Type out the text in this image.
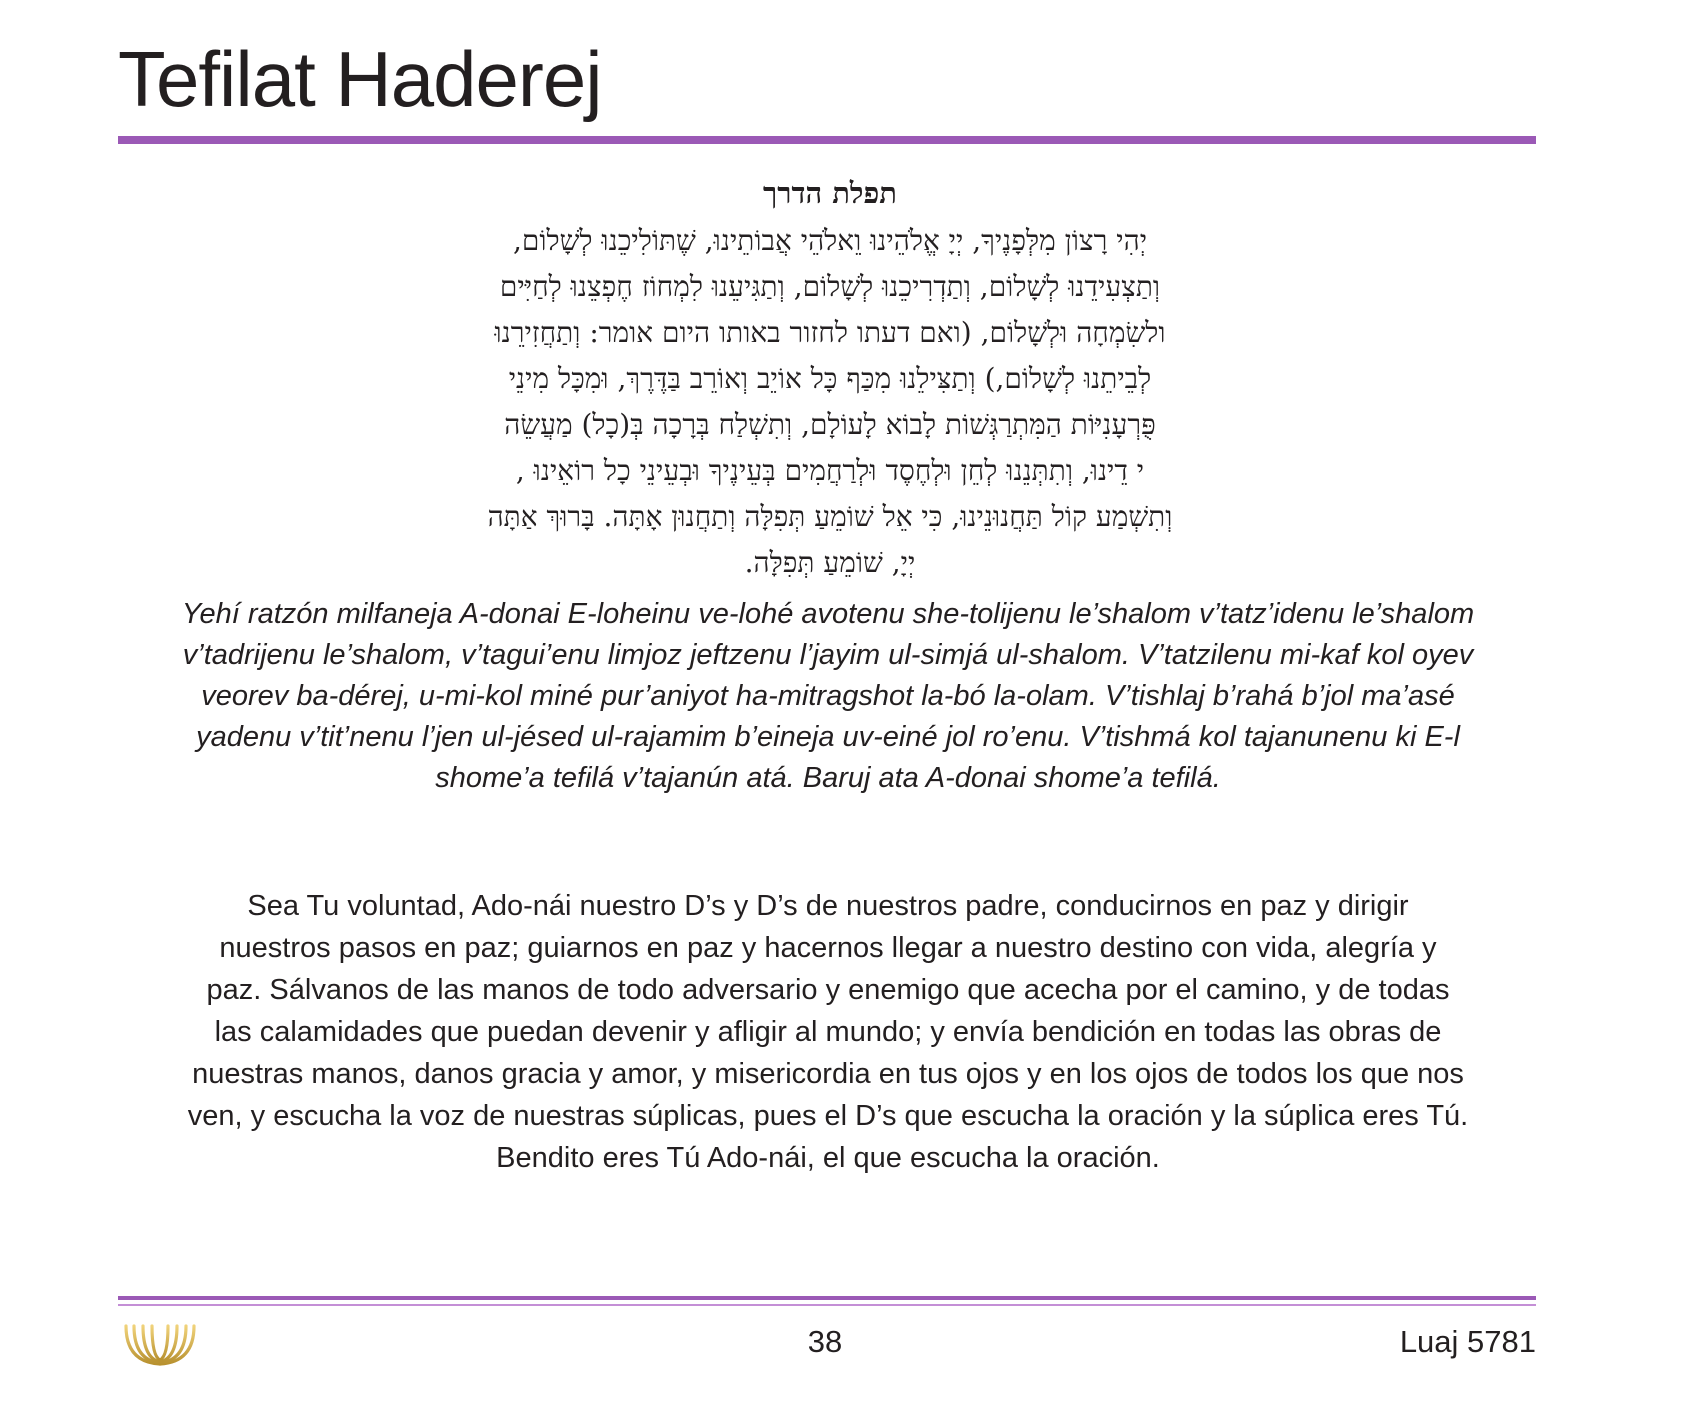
Tefilat Haderej
תפלת הדרך
יְהִי רָצוֹן מִלְּפָנֶיךָ, יְיָ אֱלֹהֵינוּ וֵאלֹהֵי אֲבוֹתֵינוּ, שֶׁתּוֹלִיכֵנוּ לְשָׁלוֹם,
וְתַצְעִידֵנוּ לְשָׁלוֹם, וְתַדְרִיכֵנוּ לְשָׁלוֹם, וְתַגִּיעֵנוּ לִמְחוֹז חֶפְצֵנוּ לְחַיִּים
ולשִׂמְחָה וּלְשָׁלוֹם, (ואם דעתו לחזור באותו היום אומר: וְתַחֲזִירֵנוּ
לְבֵיתֵנוּ לְשָׁלוֹם,) וְתַצִּילֵנוּ מִכַּף כָּל אוֹיֵב וְאוֹרֵב בַּדֶּרֶךְ, וּמִכָּל מִינֵי
פֻּרְעָנִיּוֹת הַמִּתְרַגְּשׁוֹת לָבוֹא לָעוֹלָם, וְתִשְׁלַח בְּרָכָה בְּ(כָל) מַעֲשֵׂה
י דֵינוּ, וְתִתְּנֵנוּ לְחֵן וּלְחֶסֶד וּלְרַחֲמִים בְּעֵינֶיךָ וּבְעֵינֵי כָל רוֹאֵינוּ ,
וְתִשְׁמַע קוֹל תַּחֲנוּנֵינוּ, כִּי אֵל שׁוֹמֵעַ תְּפִלָּה וְתַחֲנוּן אָתָּה. בָּרוּךְ אַתָּה
יְיָ, שׁוֹמֵעַ תְּפִלָּה.
Yehí ratzón milfaneja A-donai E-loheinu ve-lohé avotenu she-tolijenu le’shalom v’tatz’idenu le’shalom
v’tadrijenu le’shalom, v’tagui’enu limjoz jeftzenu l’jayim ul-simjá ul-shalom. V’tatzilenu mi-kaf kol oyev
veorev ba-dérej, u-mi-kol miné pur’aniyot ha-mitragshot la-bó la-olam. V’tishlaj b’rahá b’jol ma’asé
yadenu v’tit’nenu l’jen ul-jésed ul-rajamim b’eineja uv-einé jol ro’enu. V’tishmá kol tajanunenu ki E-l
shome’a tefilá v’tajanún atá. Baruj ata A-donai shome’a tefilá.
Sea Tu voluntad, Ado-nái nuestro D’s y D’s de nuestros padre, conducirnos en paz y dirigir
nuestros pasos en paz; guiarnos en paz y hacernos llegar a nuestro destino con vida, alegría y
paz. Sálvanos de las manos de todo adversario y enemigo que acecha por el camino, y de todas
las calamidades que puedan devenir y afligir al mundo; y envía bendición en todas las obras de
nuestras manos, danos gracia y amor, y misericordia en tus ojos y en los ojos de todos los que nos
ven, y escucha la voz de nuestras súplicas, pues el D’s que escucha la oración y la súplica eres Tú.
Bendito eres Tú Ado-nái, el que escucha la oración.
38	Luaj 5781
